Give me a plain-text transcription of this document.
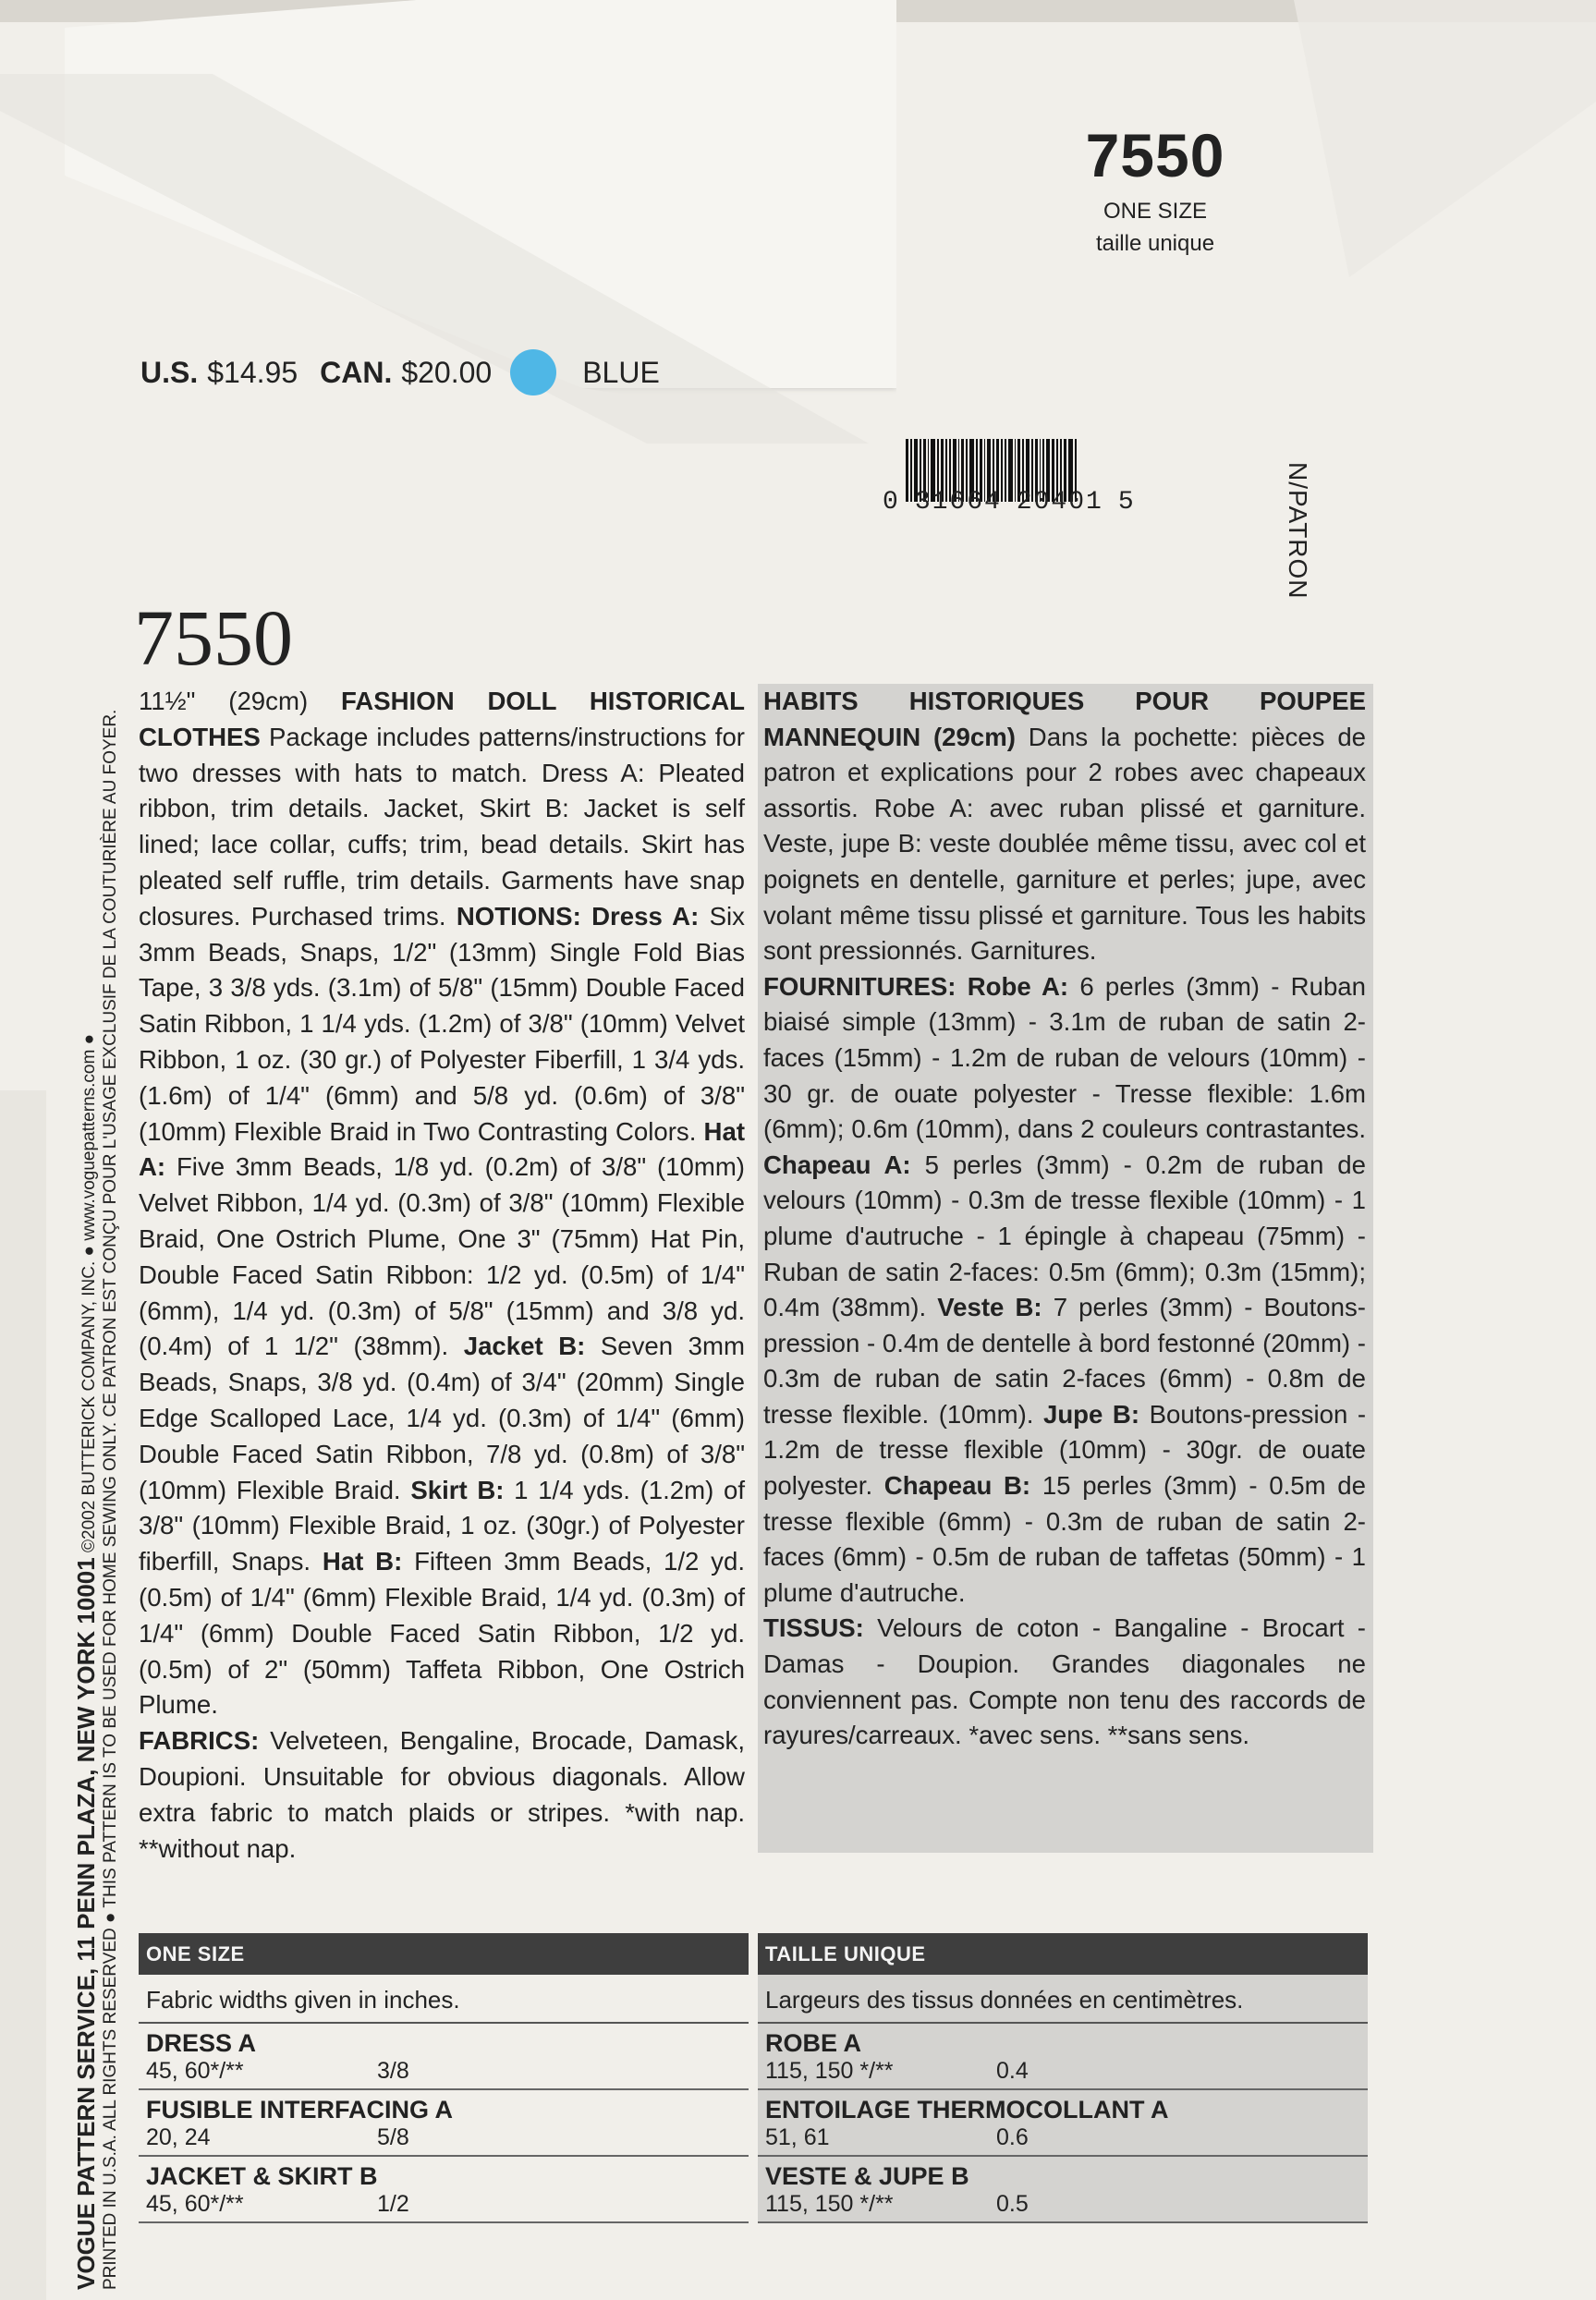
7550
ONE SIZE
taille unique
U.S. $14.95 CAN. $20.00	BLUE
0 31664 20401 5	N/PATRON
VOGUE PATTERN SERVICE, 11 PENN PLAZA, NEW YORK 10001 ©2002 BUTTERICK COMPANY, INC. ● www.voguepatterns.com ●
PRINTED IN U.S.A. ALL RIGHTS RESERVED ● THIS PATTERN IS TO BE USED FOR HOME SEWING ONLY. CE PATRON EST CONÇU POUR L'USAGE EXCLUSIF DE LA COUTURIÈRE AU FOYER.
7550

11½" (29cm) FASHION DOLL HISTORICAL CLOTHES Package includes patterns/instructions for two dresses with hats to match. Dress A: Pleated ribbon, trim details. Jacket, Skirt B: Jacket is self lined; lace collar, cuffs; trim, bead details. Skirt has pleated self ruffle, trim details. Garments have snap closures. Purchased trims. NOTIONS: Dress A: Six 3mm Beads, Snaps, 1/2" (13mm) Single Fold Bias Tape, 3 3/8 yds. (3.1m) of 5/8" (15mm) Double Faced Satin Ribbon, 1 1/4 yds. (1.2m) of 3/8" (10mm) Velvet Ribbon, 1 oz. (30 gr.) of Polyester Fiberfill, 1 3/4 yds. (1.6m) of 1/4" (6mm) and 5/8 yd. (0.6m) of 3/8" (10mm) Flexible Braid in Two Contrasting Colors. Hat A: Five 3mm Beads, 1/8 yd. (0.2m) of 3/8" (10mm) Velvet Ribbon, 1/4 yd. (0.3m) of 3/8" (10mm) Flexible Braid, One Ostrich Plume, One 3" (75mm) Hat Pin, Double Faced Satin Ribbon: 1/2 yd. (0.5m) of 1/4" (6mm), 1/4 yd. (0.3m) of 5/8" (15mm) and 3/8 yd. (0.4m) of 1 1/2" (38mm). Jacket B: Seven 3mm Beads, Snaps, 3/8 yd. (0.4m) of 3/4" (20mm) Single Edge Scalloped Lace, 1/4 yd. (0.3m) of 1/4" (6mm) Double Faced Satin Ribbon, 7/8 yd. (0.8m) of 3/8" (10mm) Flexible Braid. Skirt B: 1 1/4 yds. (1.2m) of 3/8" (10mm) Flexible Braid, 1 oz. (30gr.) of Polyester fiberfill, Snaps. Hat B: Fifteen 3mm Beads, 1/2 yd. (0.5m) of 1/4" (6mm) Flexible Braid, 1/4 yd. (0.3m) of 1/4" (6mm) Double Faced Satin Ribbon, 1/2 yd. (0.5m) of 2" (50mm) Taffeta Ribbon, One Ostrich Plume.

FABRICS: Velveteen, Bengaline, Brocade, Damask, Doupioni. Unsuitable for obvious diagonals. Allow extra fabric to match plaids or stripes. *with nap. **without nap.

HABITS HISTORIQUES POUR POUPEE MANNEQUIN (29cm) Dans la pochette: pièces de patron et explications pour 2 robes avec chapeaux assortis. Robe A: avec ruban plissé et garniture. Veste, jupe B: veste doublée même tissu, avec col et poignets en dentelle, garniture et perles; jupe, avec volant même tissu plissé et garniture. Tous les habits sont pressionnés. Garnitures.

FOURNITURES: Robe A: 6 perles (3mm) - Ruban biaisé simple (13mm) - 3.1m de ruban de satin 2-faces (15mm) - 1.2m de ruban de velours (10mm) - 30 gr. de ouate polyester - Tresse flexible: 1.6m (6mm); 0.6m (10mm), dans 2 couleurs contrastantes. Chapeau A: 5 perles (3mm) - 0.2m de ruban de velours (10mm) - 0.3m de tresse flexible (10mm) - 1 plume d'autruche - 1 épingle à chapeau (75mm) - Ruban de satin 2-faces: 0.5m (6mm); 0.3m (15mm); 0.4m (38mm). Veste B: 7 perles (3mm) - Boutons-pression - 0.4m de dentelle à bord festonné (20mm) - 0.3m de ruban de satin 2-faces (6mm) - 0.8m de tresse flexible. (10mm). Jupe B: Boutons-pression - 1.2m de tresse flexible (10mm) - 30gr. de ouate polyester. Chapeau B: 15 perles (3mm) - 0.5m de tresse flexible (6mm) - 0.3m de ruban de satin 2-faces (6mm) - 0.5m de ruban de taffetas (50mm) - 1 plume d'autruche.

TISSUS: Velours de coton - Bangaline - Brocart - Damas - Doupion. Grandes diagonales ne conviennent pas. Compte non tenu des raccords de rayures/carreaux. *avec sens. **sans sens.

ONE SIZE
Fabric widths given in inches.
DRESS A
45, 60*/**	3/8
FUSIBLE INTERFACING A
20, 24	5/8
JACKET & SKIRT B
45, 60*/**	1/2
TAILLE UNIQUE
Largeurs des tissus données en centimètres.
ROBE A
115, 150 */**	0.4
ENTOILAGE THERMOCOLLANT A
51, 61	0.6
VESTE & JUPE B
115, 150 */**	0.5
